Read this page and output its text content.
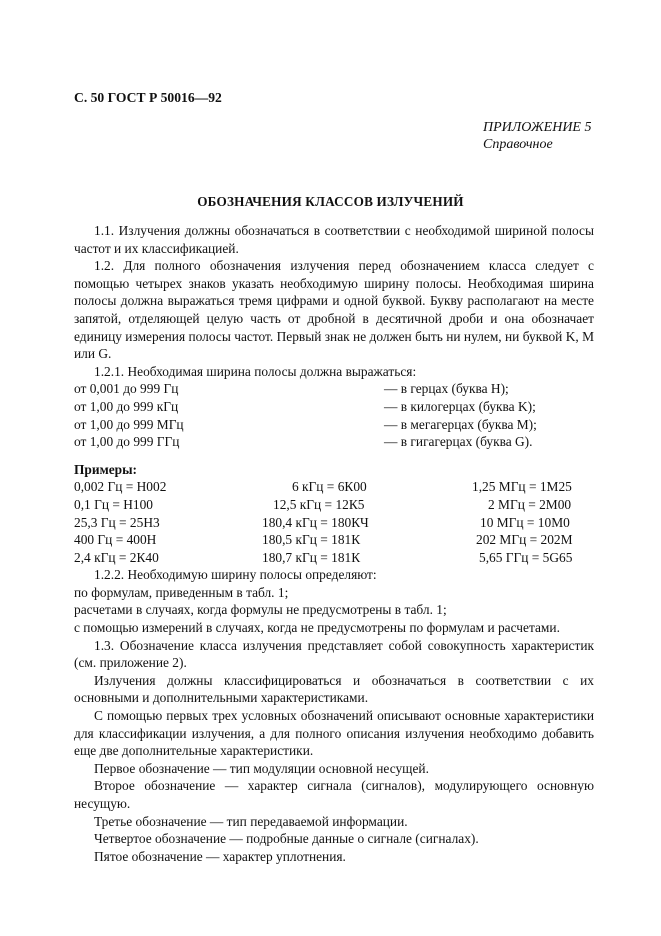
С. 50 ГОСТ Р 50016—92
ПРИЛОЖЕНИЕ 5
Справочное
ОБОЗНАЧЕНИЯ КЛАССОВ ИЗЛУЧЕНИЙ

1.1. Излучения должны обозначаться в соответствии с необходимой шириной полосы частот и их классификацией.

1.2. Для полного обозначения излучения перед обозначением класса следует с помощью четырех знаков указать необходимую ширину полосы. Необходимая ширина полосы должна выражаться тремя цифрами и одной буквой. Букву располагают на месте запятой, отделяющей целую часть от дробной в десятичной дроби и она обозначает единицу измерения полосы частот. Первый знак не должен быть ни нулем, ни буквой K, M или G.

1.2.1. Необходимая ширина полосы должна выражаться:

от 0,001 до 999 Гц	— в герцах (буква H);
от 1,00 до 999 кГц	— в килогерцах (буква K);
от 1,00 до 999 МГц	— в мегагерцах (буква M);
от 1,00 до 999 ГГц	— в гигагерцах (буква G).
Примеры:
0,002 Гц = Н002	6 кГц = 6К00	1,25 МГц = 1М25
0,1 Гц = Н100	12,5 кГц = 12К5	2 МГц = 2М00
25,3 Гц = 25Н3	180,4 кГц = 180КЧ	10 МГц = 10М0
400 Гц = 400Н	180,5 кГц = 181К	202 МГц = 202М
2,4 кГц = 2К40	180,7 кГц = 181К	5,65 ГГц = 5G65

1.2.2. Необходимую ширину полосы определяют:

по формулам, приведенным в табл. 1;

расчетами в случаях, когда формулы не предусмотрены в табл. 1;

с помощью измерений в случаях, когда не предусмотрены по формулам и расчетами.

1.3. Обозначение класса излучения представляет собой совокупность характеристик (см. приложение 2).

Излучения должны классифицироваться и обозначаться в соответствии с их основными и дополнительными характеристиками.

С помощью первых трех условных обозначений описывают основные характеристики для классификации излучения, а для полного описания излучения необходимо добавить еще две дополнительные характеристики.

Первое обозначение — тип модуляции основной несущей.

Второе обозначение — характер сигнала (сигналов), модулирующего основную несущую.

Третье обозначение — тип передаваемой информации.

Четвертое обозначение — подробные данные о сигнале (сигналах).

Пятое обозначение — характер уплотнения.
